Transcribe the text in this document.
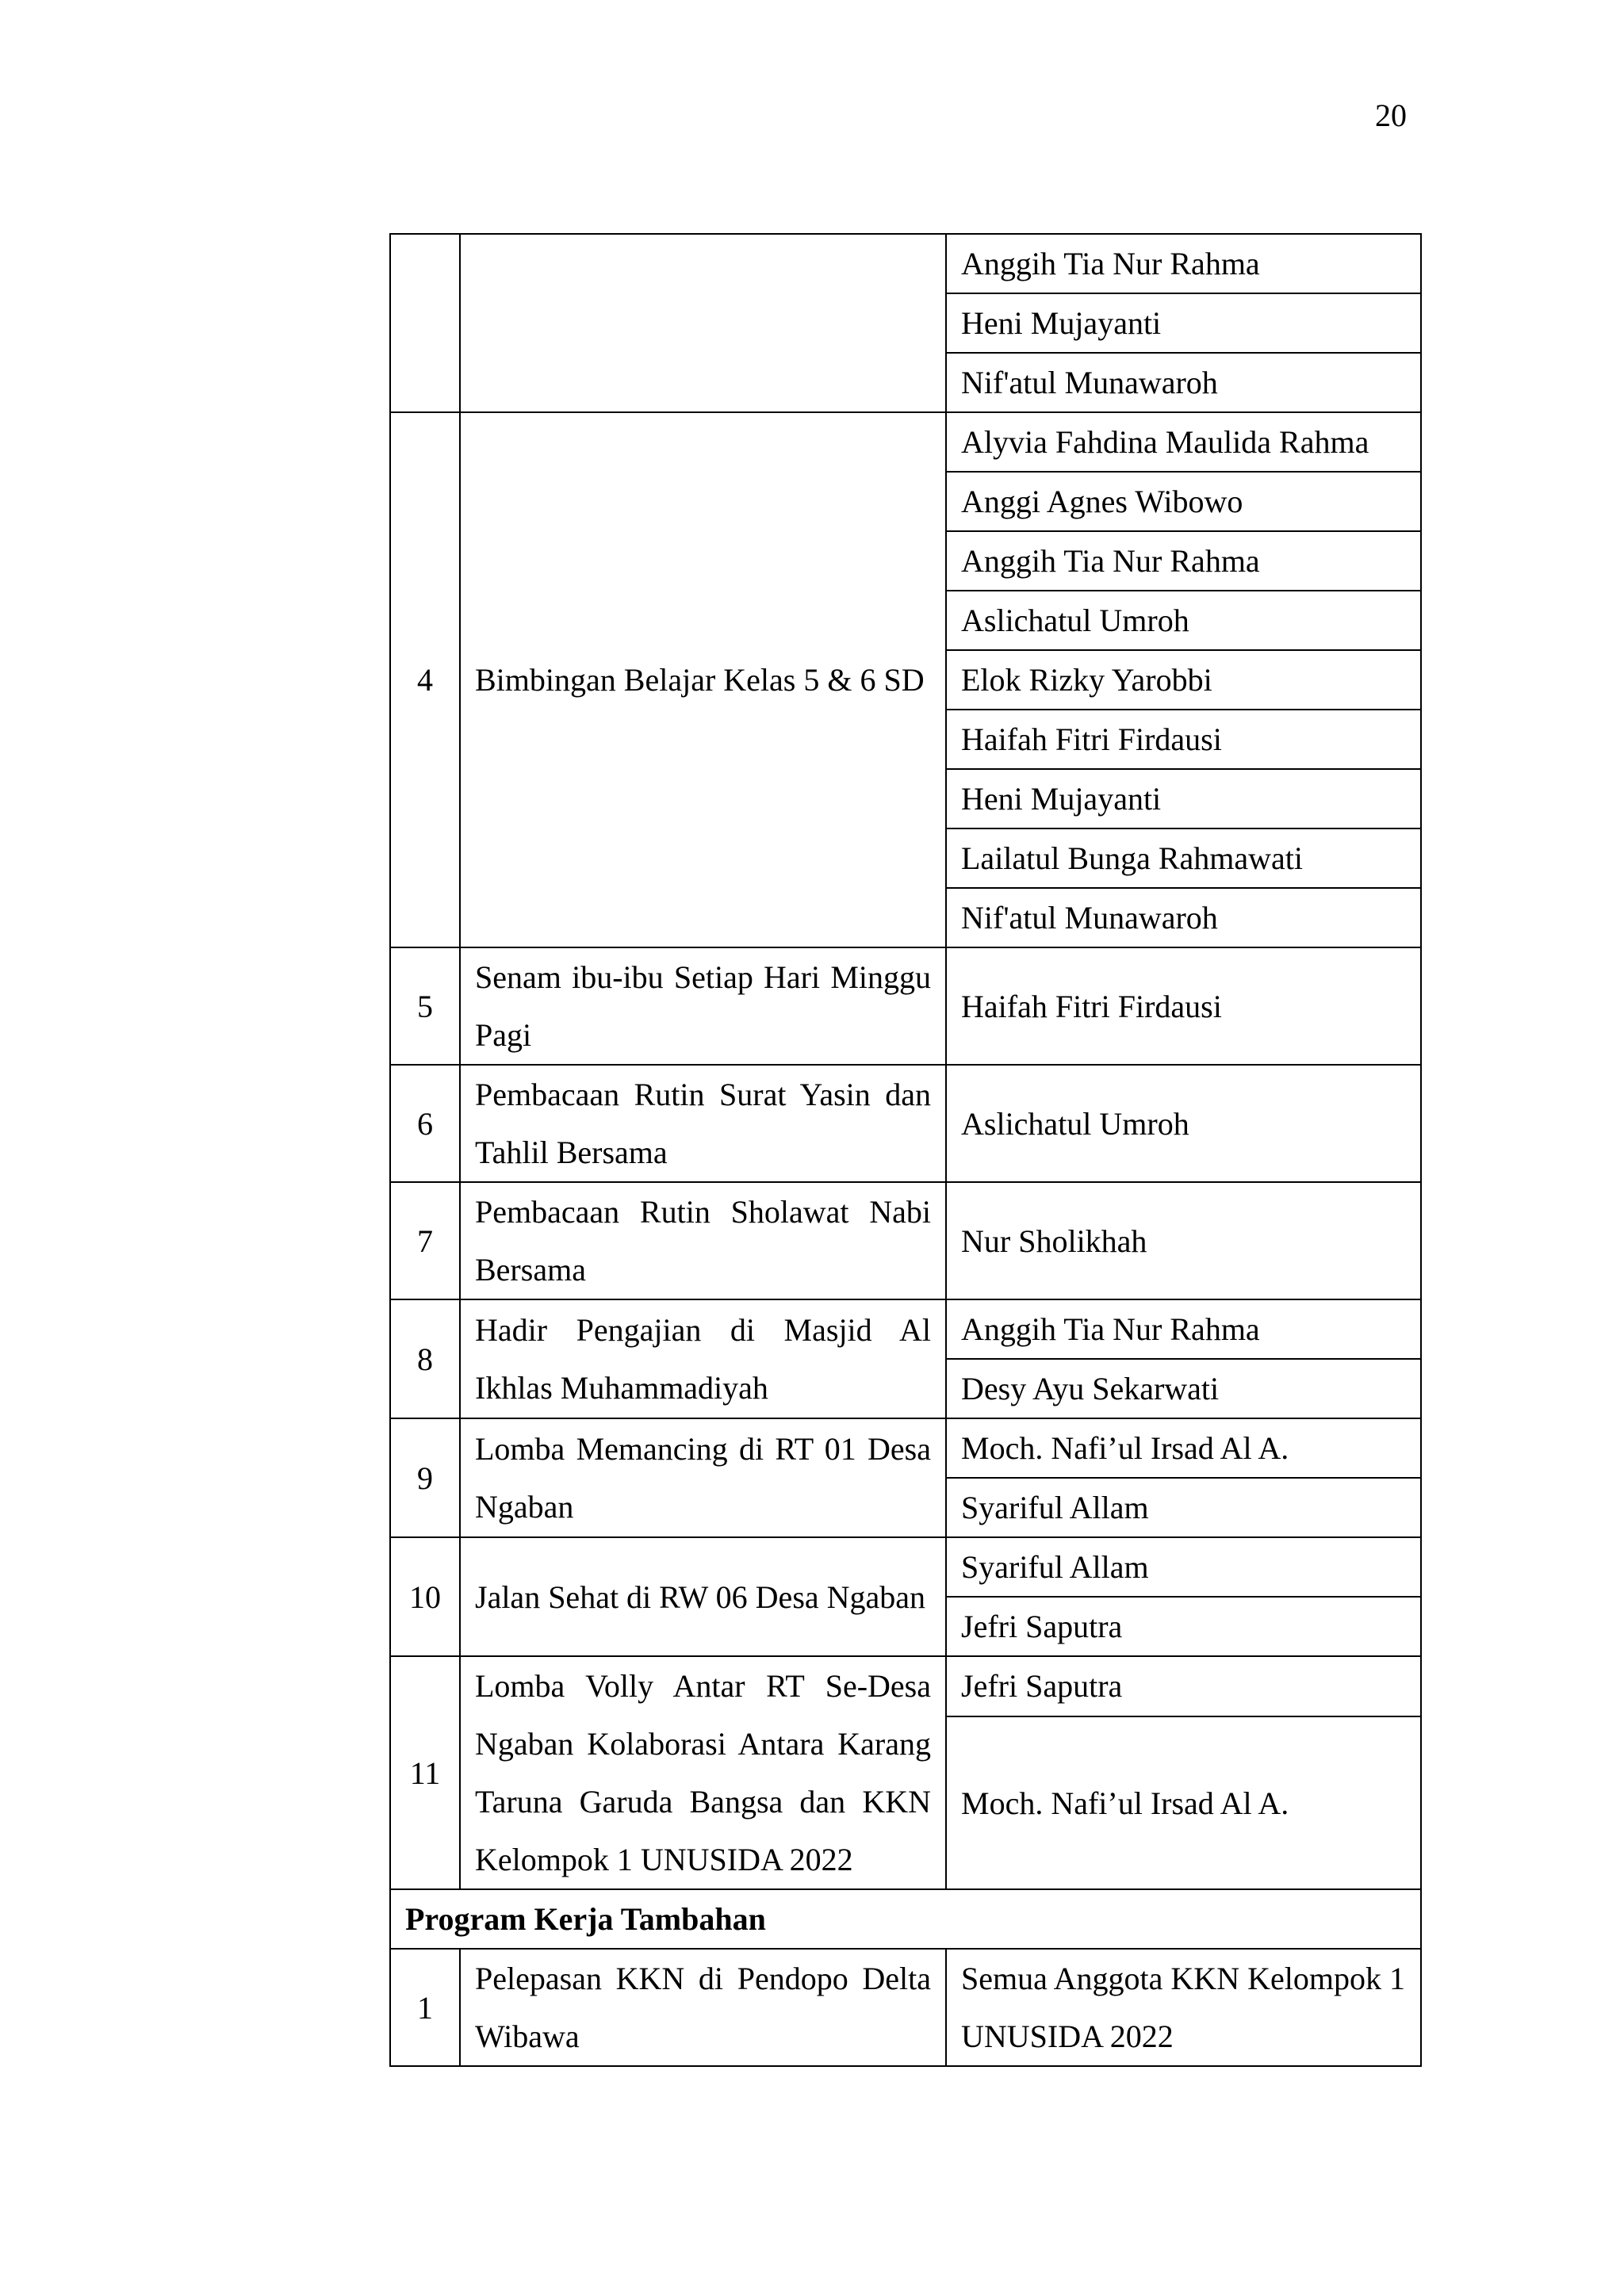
20
		Anggih Tia Nur Rahma
		Heni Mujayanti
		Nif'atul Munawaroh
4	Bimbingan Belajar Kelas 5 & 6 SD	Alyvia Fahdina Maulida Rahma
		Anggi Agnes Wibowo
		Anggih Tia Nur Rahma
		Aslichatul Umroh
		Elok Rizky Yarobbi
		Haifah Fitri Firdausi
		Heni Mujayanti
		Lailatul Bunga Rahmawati
		Nif'atul Munawaroh
5	Senam ibu-ibu Setiap Hari Minggu Pagi	Haifah Fitri Firdausi
6	Pembacaan Rutin Surat Yasin dan Tahlil Bersama	Aslichatul Umroh
7	Pembacaan Rutin Sholawat Nabi Bersama	Nur Sholikhah
8	Hadir Pengajian di Masjid Al Ikhlas Muhammadiyah	Anggih Tia Nur Rahma
		Desy Ayu Sekarwati
9	Lomba Memancing di RT 01 Desa Ngaban	Moch. Nafi’ul Irsad Al A.
		Syariful Allam
10	Jalan Sehat di RW 06 Desa Ngaban	Syariful Allam
		Jefri Saputra
11	Lomba Volly Antar RT Se-Desa Ngaban Kolaborasi Antara Karang Taruna Garuda Bangsa dan KKN Kelompok 1 UNUSIDA 2022	Jefri Saputra
		Moch. Nafi’ul Irsad Al A.
Program Kerja Tambahan		
1	Pelepasan KKN di Pendopo Delta Wibawa	Semua Anggota KKN Kelompok 1 UNUSIDA 2022
